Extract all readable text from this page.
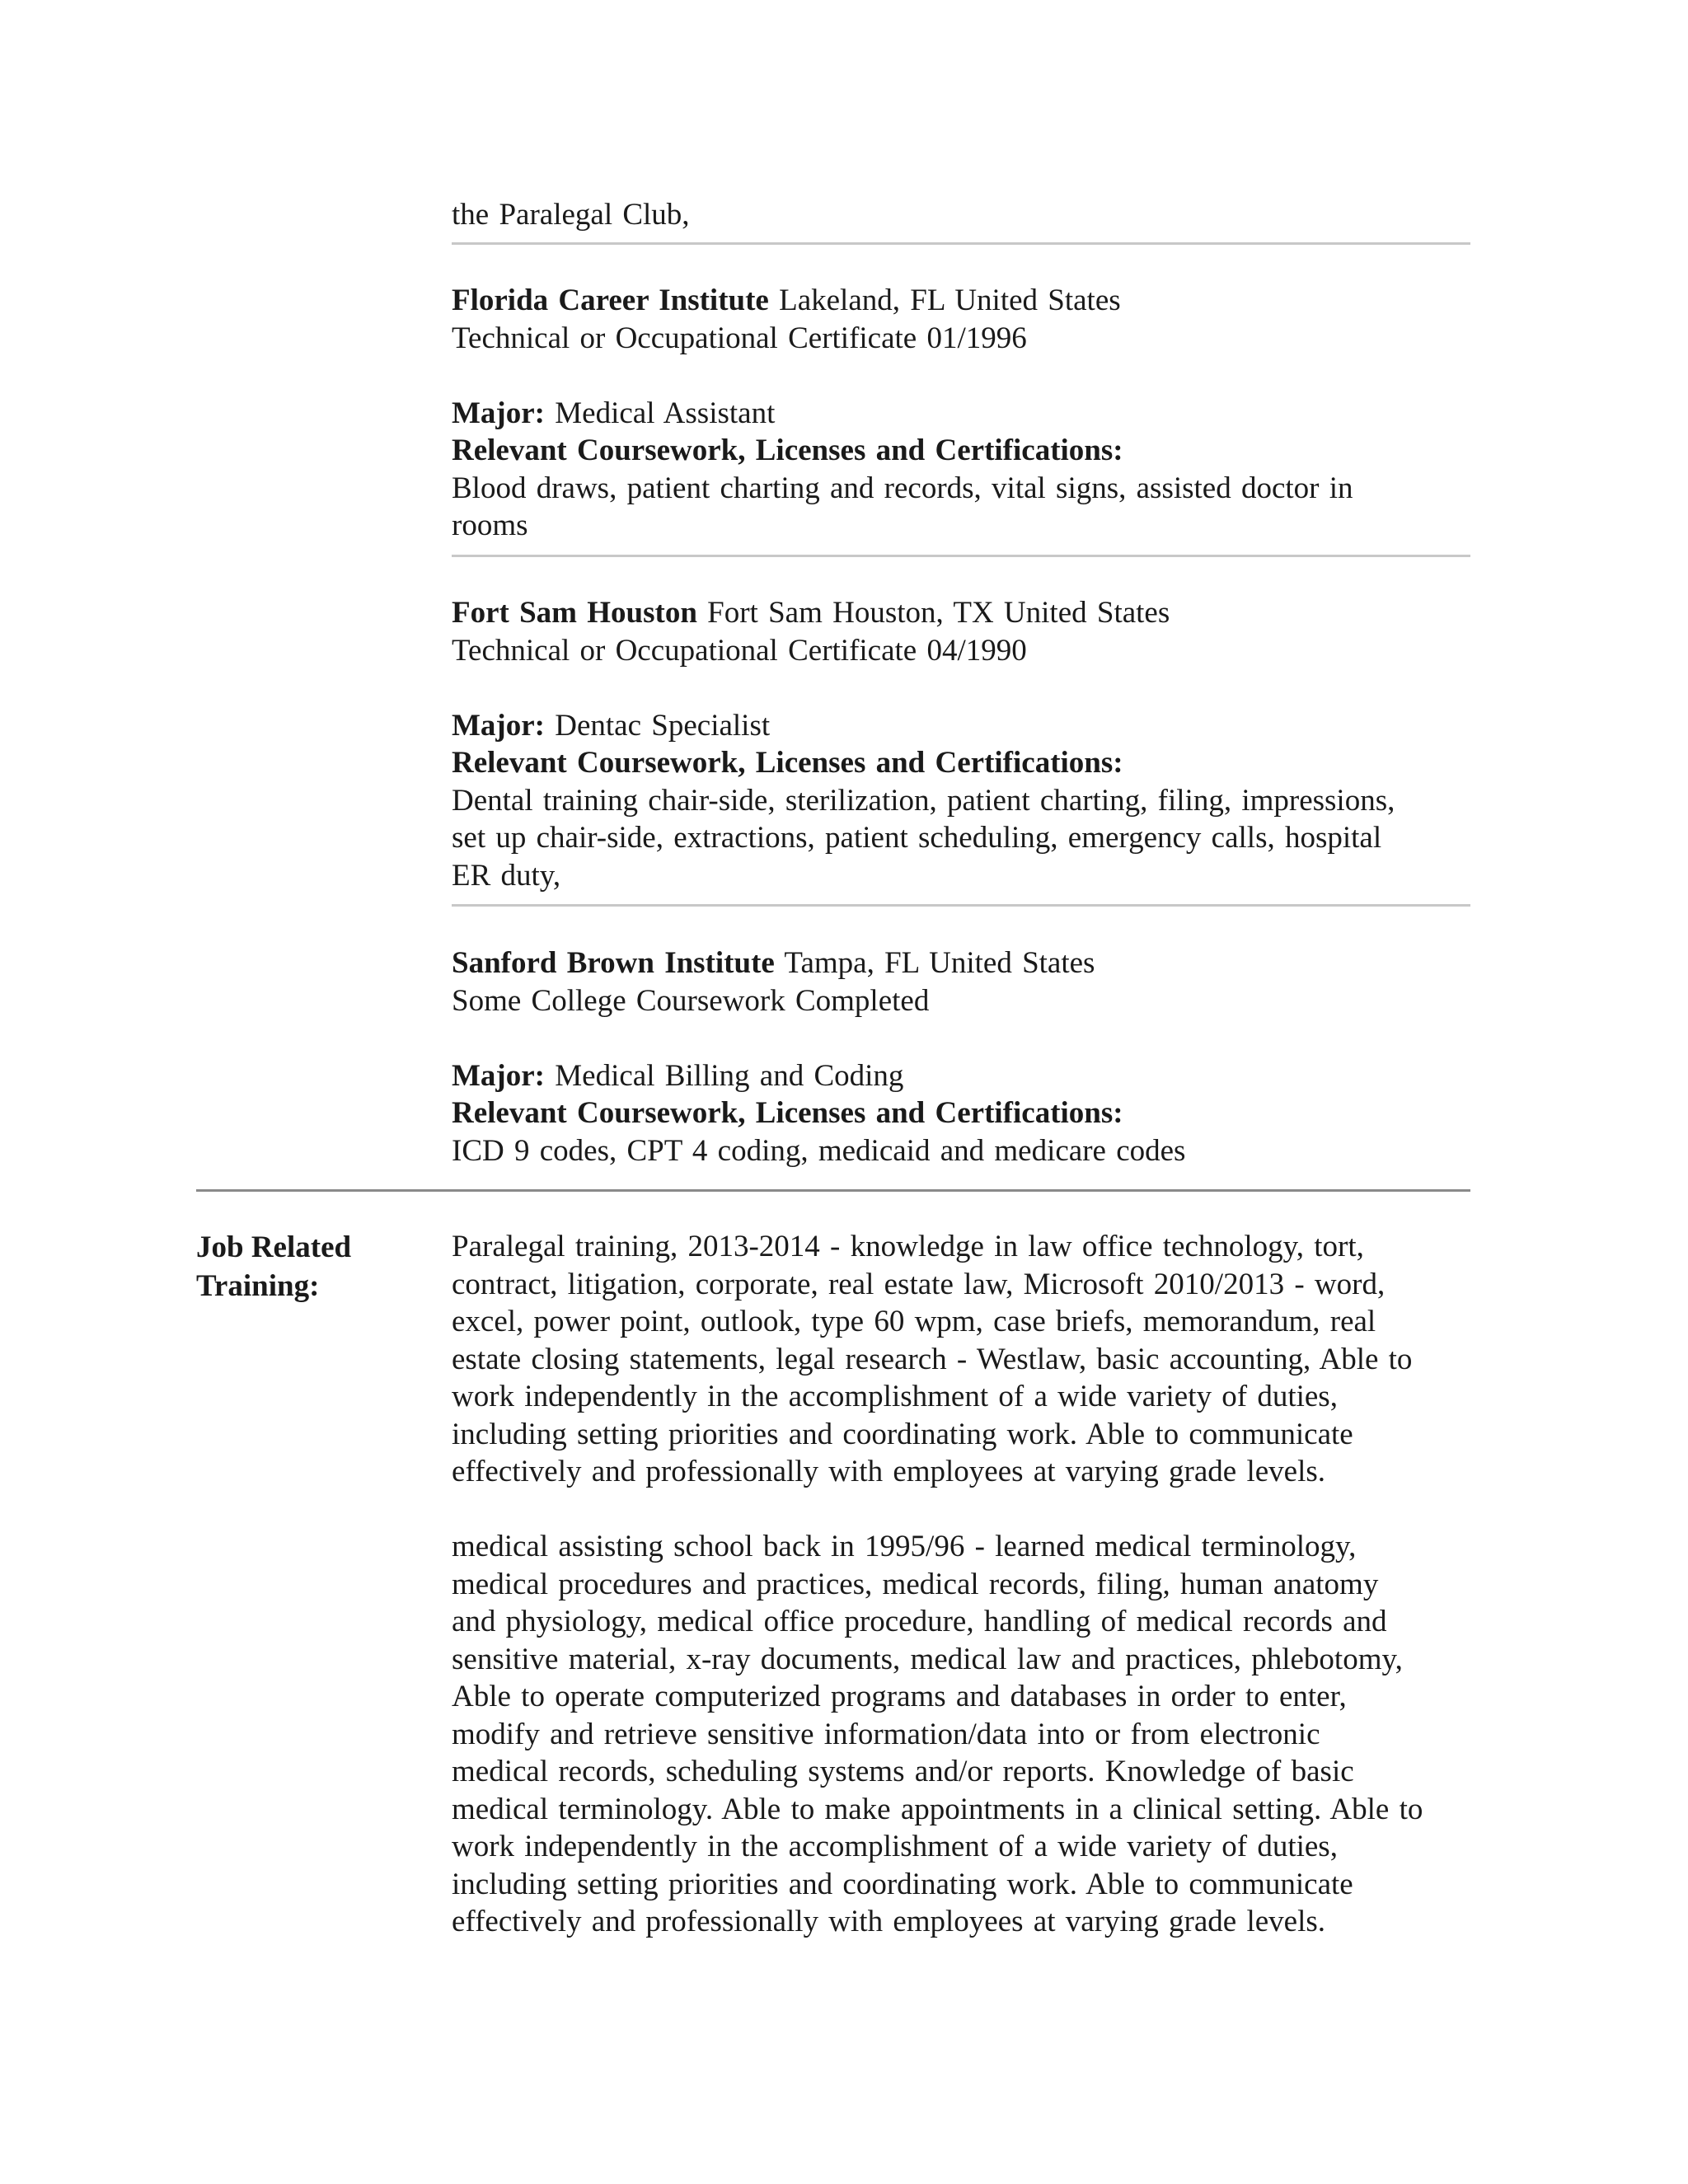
the Paralegal Club,
Florida Career Institute Lakeland, FL United States
Technical or Occupational Certificate 01/1996

Major: Medical Assistant
Relevant Coursework, Licenses and Certifications:
Blood draws, patient charting and records, vital signs, assisted doctor in
rooms
Fort Sam Houston Fort Sam Houston, TX United States
Technical or Occupational Certificate 04/1990

Major: Dentac Specialist
Relevant Coursework, Licenses and Certifications:
Dental training chair-side, sterilization, patient charting, filing, impressions,
set up chair-side, extractions, patient scheduling, emergency calls, hospital
ER duty,
Sanford Brown Institute Tampa, FL United States
Some College Coursework Completed

Major: Medical Billing and Coding
Relevant Coursework, Licenses and Certifications:
ICD 9 codes, CPT 4 coding, medicaid and medicare codes
Job Related
Training:
Paralegal training, 2013-2014 - knowledge in law office technology, tort,
contract, litigation, corporate, real estate law, Microsoft 2010/2013 - word,
excel, power point, outlook, type 60 wpm, case briefs, memorandum, real
estate closing statements, legal research - Westlaw, basic accounting, Able to
work independently in the accomplishment of a wide variety of duties,
including setting priorities and coordinating work. Able to communicate
effectively and professionally with employees at varying grade levels.

medical assisting school back in 1995/96 - learned medical terminology,
medical procedures and practices, medical records, filing, human anatomy
and physiology, medical office procedure, handling of medical records and
sensitive material, x-ray documents, medical law and practices, phlebotomy,
Able to operate computerized programs and databases in order to enter,
modify and retrieve sensitive information/data into or from electronic
medical records, scheduling systems and/or reports. Knowledge of basic
medical terminology. Able to make appointments in a clinical setting. Able to
work independently in the accomplishment of a wide variety of duties,
including setting priorities and coordinating work. Able to communicate
effectively and professionally with employees at varying grade levels.
